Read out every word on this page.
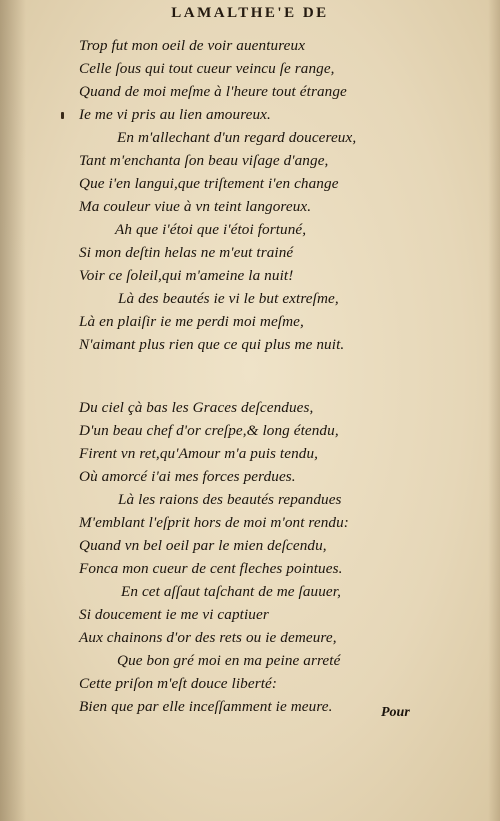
LAMALTHE'E DE
Trop fut mon oeil de voir auentureux
Celle ſous qui tout cueur veincu ſe range,
Quand de moi meſme à l'heure tout étrange
Ie me vi pris au lien amoureux.
En m'allechant d'un regard doucereux,
Tant m'enchanta ſon beau viſage d'ange,
Que i'en langui,que triſtement i'en change
Ma couleur viue à vn teint langoreux.
Ah que i'étoi que i'étoi fortuné,
Si mon deſtin helas ne m'eut trainé
Voir ce ſoleil,qui m'ameine la nuit!
Là des beautés ie vi le but extreſme,
Là en plaiſir ie me perdi moi meſme,
N'aimant plus rien que ce qui plus me nuit.
Du ciel çà bas les Graces deſcendues,
D'un beau chef d'or creſpe,& long étendu,
Firent vn ret,qu'Amour m'a puis tendu,
Où amorcé i'ai mes forces perdues.
Là les raions des beautés repandues
M'emblant l'eſprit hors de moi m'ont rendu:
Quand vn bel oeil par le mien deſcendu,
Fonca mon cueur de cent fleches pointues.
En cet aſſaut taſchant de me ſauuer,
Si doucement ie me vi captiuer
Aux chainons d'or des rets ou ie demeure,
Que bon gré moi en ma peine arreté
Cette priſon m'eſt douce liberté:
Bien que par elle inceſſamment ie meure.	Pour
